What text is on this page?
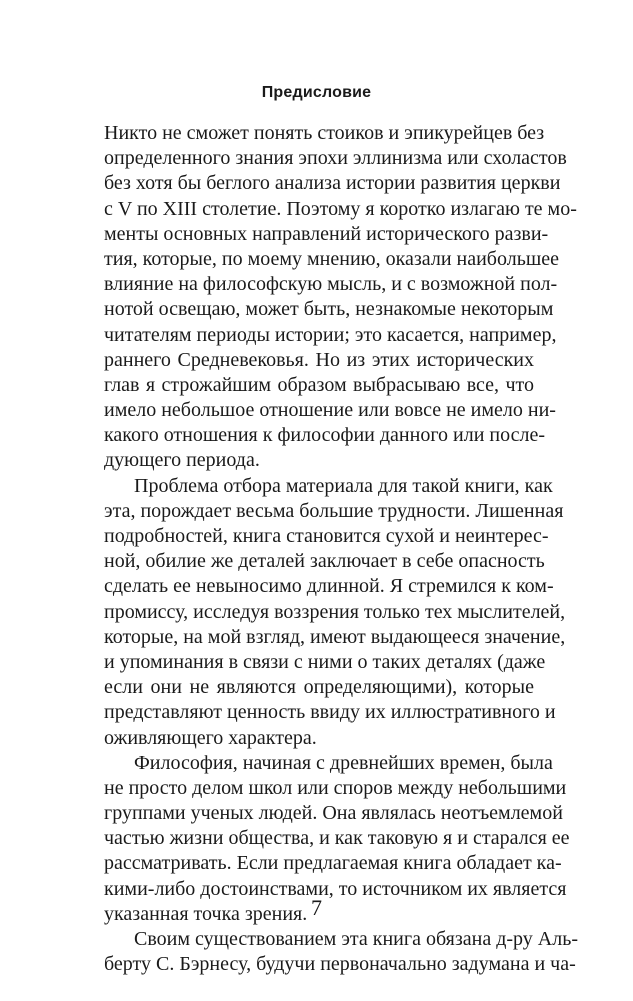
Предисловие
Никто не сможет понять стоиков и эпикурейцев без
определенного знания эпохи эллинизма или схоластов
без хотя бы беглого анализа истории развития церкви
с V по XIII столетие. Поэтому я коротко излагаю те мо-
менты основных направлений исторического разви-
тия, которые, по моему мнению, оказали наибольшее
влияние на философскую мысль, и с возможной пол-
нотой освещаю, может быть, незнакомые некоторым
читателям периоды истории; это касается, например,
раннего Средневековья. Но из этих исторических
глав я строжайшим образом выбрасываю все, что
имело небольшое отношение или вовсе не имело ни-
какого отношения к философии данного или после-
дующего периода.
Проблема отбора материала для такой книги, как
эта, порождает весьма большие трудности. Лишенная
подробностей, книга становится сухой и неинтерес-
ной, обилие же деталей заключает в себе опасность
сделать ее невыносимо длинной. Я стремился к ком-
промиссу, исследуя воззрения только тех мыслителей,
которые, на мой взгляд, имеют выдающееся значение,
и упоминания в связи с ними о таких деталях (даже
если они не являются определяющими), которые
представляют ценность ввиду их иллюстративного и
оживляющего характера.
Философия, начиная с древнейших времен, была
не просто делом школ или споров между небольшими
группами ученых людей. Она являлась неотъемлемой
частью жизни общества, и как таковую я и старался ее
рассматривать. Если предлагаемая книга обладает ка-
кими-либо достоинствами, то источником их является
указанная точка зрения.
Своим существованием эта книга обязана д-ру Аль-
берту С. Бэрнесу, будучи первоначально задумана и ча-
7
